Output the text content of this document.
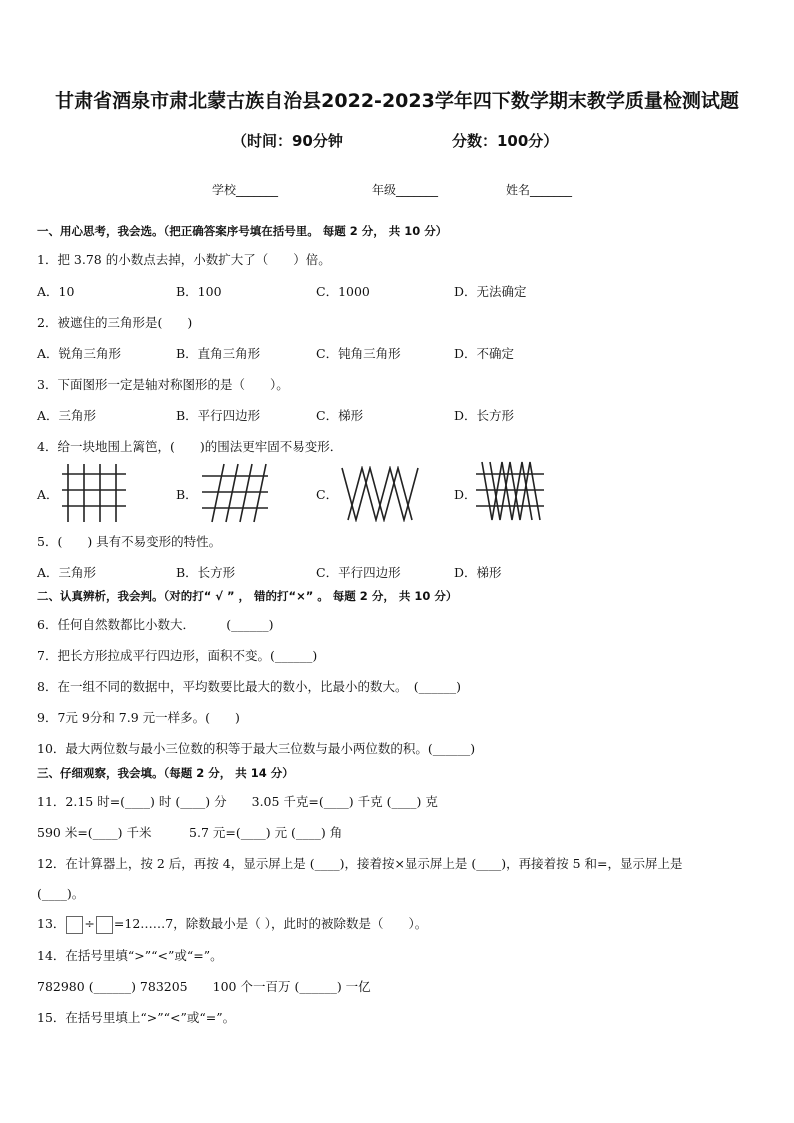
甘肃省酒泉市肃北蒙古族自治县2022-2023学年四下数学期末教学质量检测试题
（时间：90分钟	分数：100分）
学校_______	年级_______	姓名_______
一、用心思考，我会选。（把正确答案序号填在括号里。 每题 2 分， 共 10 分）
1．把 3.78 的小数点去掉，小数扩大了（　　）倍。
A．10	B．100	C．1000	D．无法确定
2．被遮住的三角形是(　　)
A．锐角三角形	B．直角三角形	C．钝角三角形	D．不确定
3．下面图形一定是轴对称图形的是（　　）。
A．三角形	B．平行四边形	C．梯形	D．长方形
4．给一块地围上篱笆，(　　)的围法更牢固不易变形．
A．	B．	C．	D．
5．(　　) 具有不易变形的特性。
A．三角形	B．长方形	C．平行四边形	D．梯形
二、认真辨析，我会判。（对的打“ √ ” ， 错的打“×” 。 每题 2 分， 共 10 分）
6．任何自然数都比小数大．　　　(______)
7．把长方形拉成平行四边形，面积不变。(______)
8．在一组不同的数据中，平均数要比最大的数小，比最小的数大。　(______)
9．7元 9分和 7.9 元一样多。(　　)
10．最大两位数与最小三位数的积等于最大三位数与最小两位数的积。(______)
三、仔细观察，我会填。（每题 2 分， 共 14 分）
11．2.15 时=(____) 时 (____) 分　　3.05 千克=(____) 千克 (____) 克
590 米=(____) 千米　　　5.7 元=(____) 元 (____) 角
12．在计算器上，按 2 后，再按 4，显示屏上是 (____)，接着按×显示屏上是 (____)，再接着按 5 和=，显示屏上是
(____)。
13． ÷ =12……7，除数最小是（ ），此时的被除数是（　　）。
14．在括号里填“>”“<”或“=”。
782980 (______) 783205　　100 个一百万 (______) 一亿
15．在括号里填上“>”“<”或“=”。
